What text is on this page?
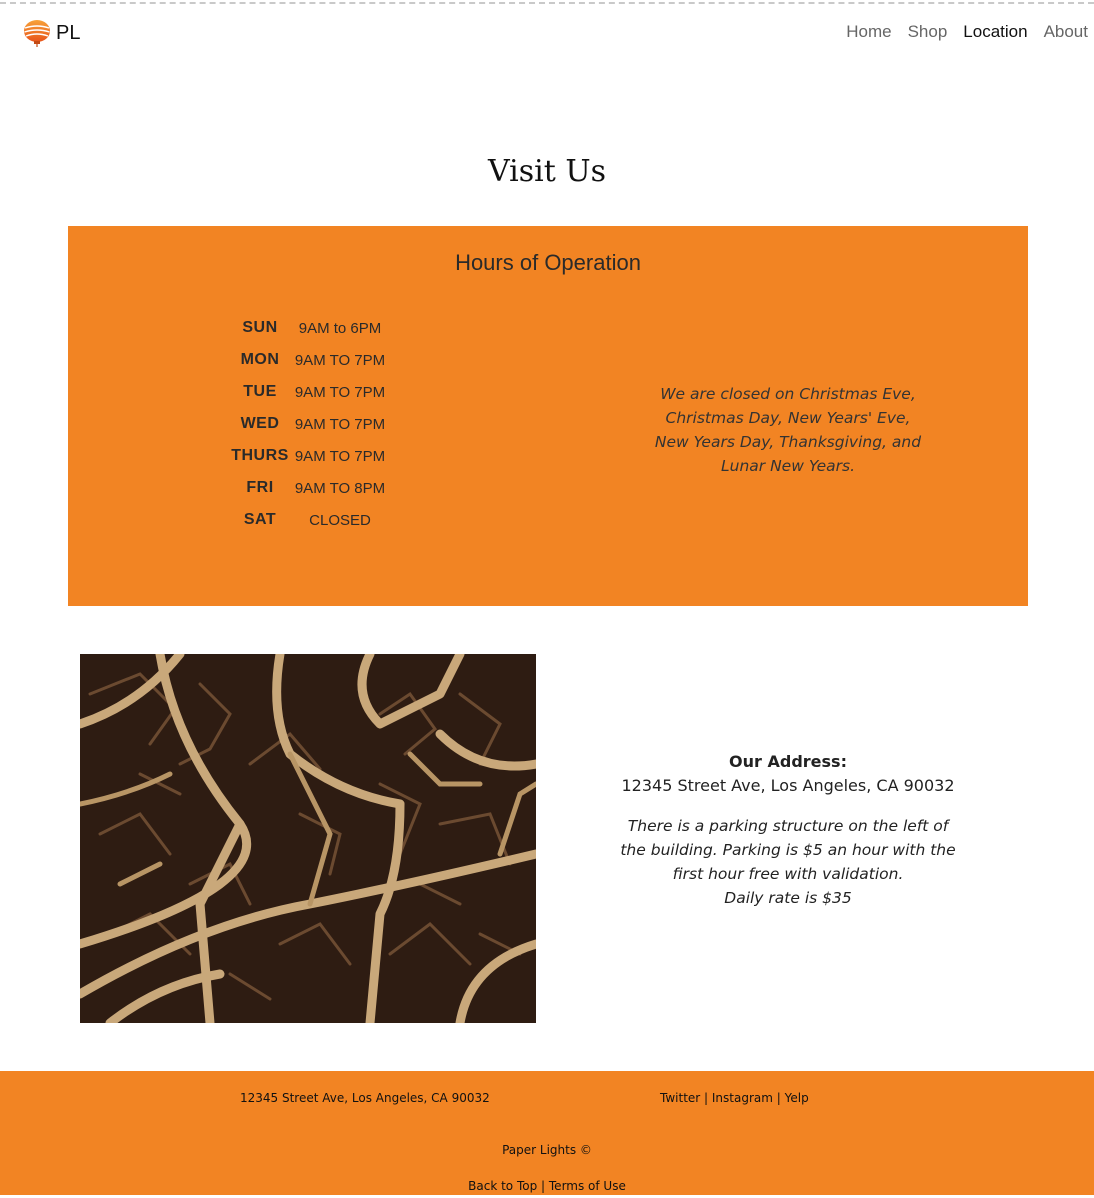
PL	Home Shop Location About
Visit Us
Hours of Operation
SUN	9AM to 6PM
MON	9AM TO 7PM
TUE	9AM TO 7PM
WED	9AM TO 7PM
THURS 9AM TO 7PM
FRI	9AM TO 8PM
SAT	CLOSED

We are closed on Christmas Eve, Christmas Day, New Years' Eve, New Years Day, Thanksgiving, and Lunar New Years.

Our Address:
12345 Street Ave, Los Angeles, CA 90032
There is a parking structure on the left of the building. Parking is $5 an hour with the first hour free with validation.
Daily rate is $35
12345 Street Ave, Los Angeles, CA 90032	Twitter | Instagram | Yelp
Paper Lights ©
Back to Top | Terms of Use
